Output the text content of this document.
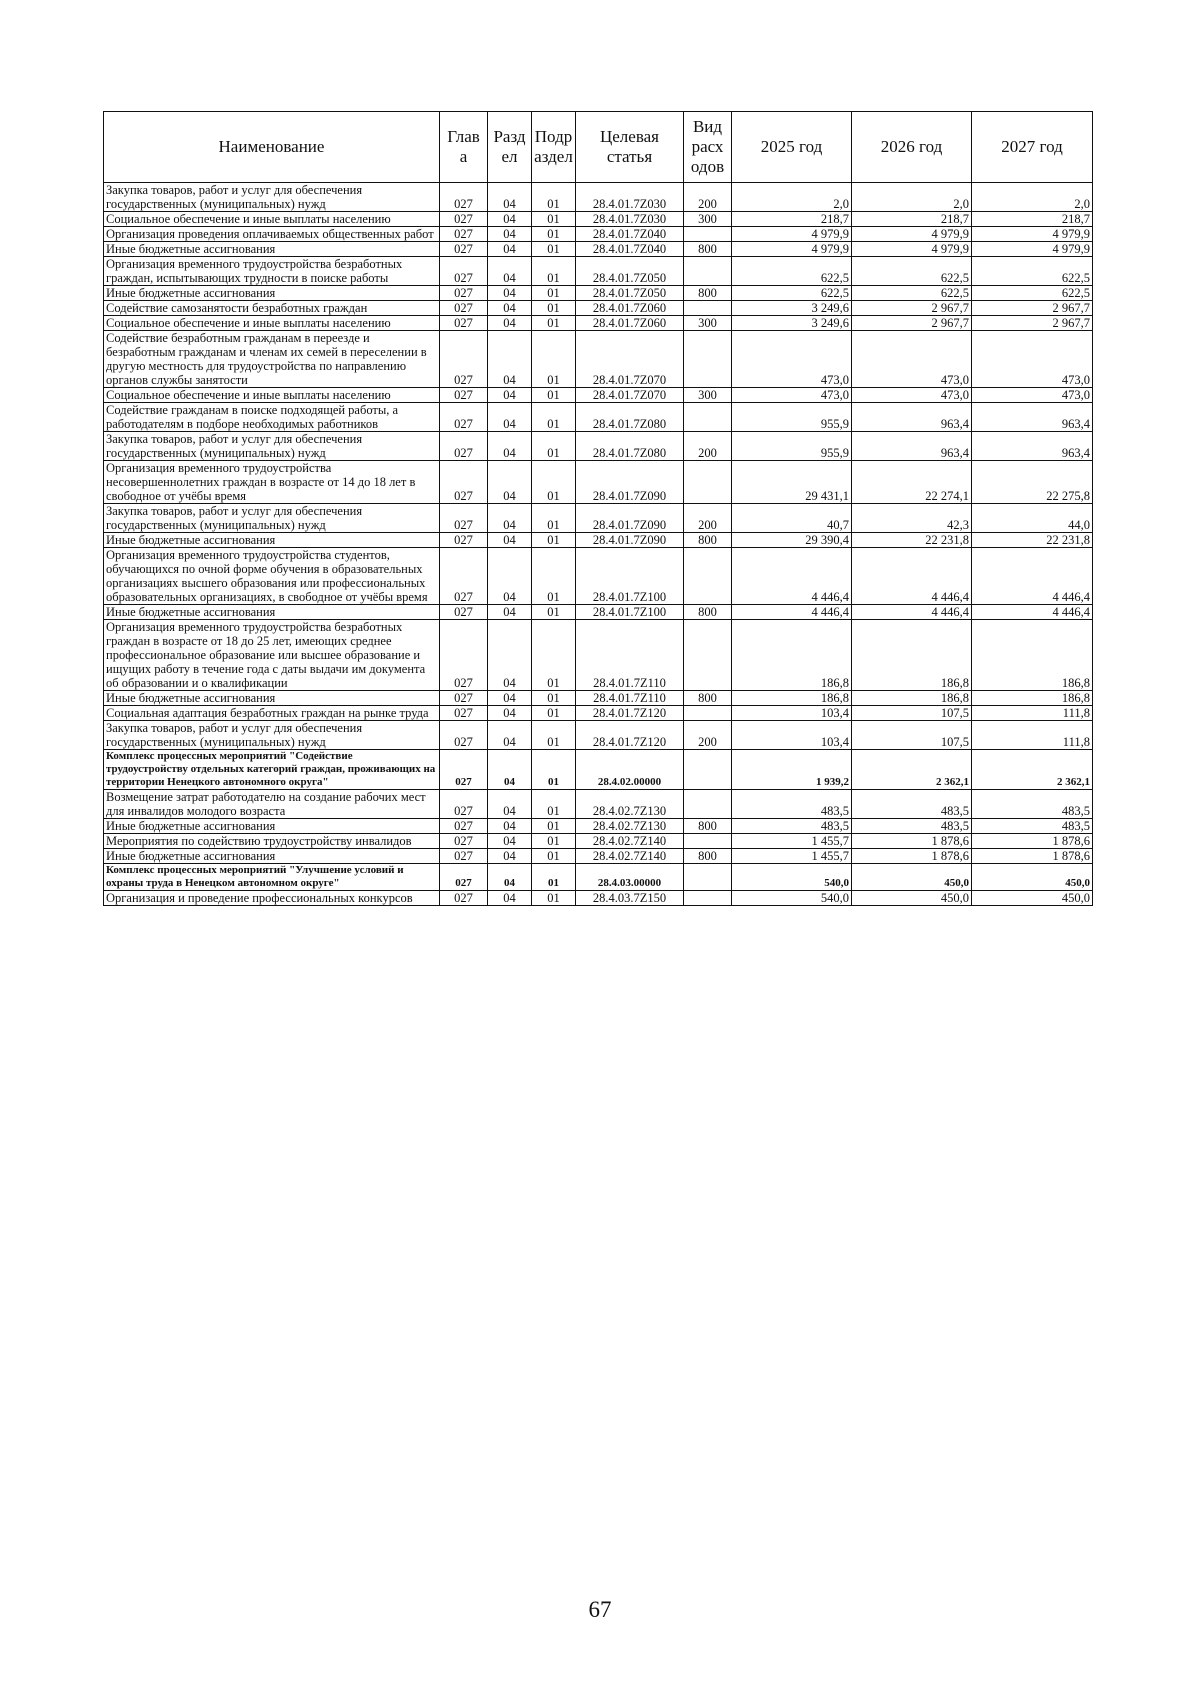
Наименование	Глав а	Разд ел	Подр аздел	Целевая статья	Вид расх одов	2025 год	2026 год	2027 год
Закупка товаров, работ и услуг для обеспечения государственных (муниципальных) нужд	027	04	01	28.4.01.7Z030	200	2,0	2,0	2,0
Социальное обеспечение и иные выплаты населению	027	04	01	28.4.01.7Z030	300	218,7	218,7	218,7
Организация проведения оплачиваемых общественных работ	027	04	01	28.4.01.7Z040		4 979,9	4 979,9	4 979,9
Иные бюджетные ассигнования	027	04	01	28.4.01.7Z040	800	4 979,9	4 979,9	4 979,9
Организация временного трудоустройства безработных граждан, испытывающих трудности в поиске работы	027	04	01	28.4.01.7Z050		622,5	622,5	622,5
Иные бюджетные ассигнования	027	04	01	28.4.01.7Z050	800	622,5	622,5	622,5
Содействие самозанятости безработных граждан	027	04	01	28.4.01.7Z060		3 249,6	2 967,7	2 967,7
Социальное обеспечение и иные выплаты населению	027	04	01	28.4.01.7Z060	300	3 249,6	2 967,7	2 967,7
Содействие безработным гражданам в переезде и безработным гражданам и членам их семей в переселении в другую местность для трудоустройства по направлению органов службы занятости	027	04	01	28.4.01.7Z070		473,0	473,0	473,0
Социальное обеспечение и иные выплаты населению	027	04	01	28.4.01.7Z070	300	473,0	473,0	473,0
Содействие гражданам в поиске подходящей работы, а работодателям в подборе необходимых работников	027	04	01	28.4.01.7Z080		955,9	963,4	963,4
Закупка товаров, работ и услуг для обеспечения государственных (муниципальных) нужд	027	04	01	28.4.01.7Z080	200	955,9	963,4	963,4
Организация временного трудоустройства несовершеннолетних граждан в возрасте от 14 до 18 лет в свободное от учёбы время	027	04	01	28.4.01.7Z090		29 431,1	22 274,1	22 275,8
Закупка товаров, работ и услуг для обеспечения государственных (муниципальных) нужд	027	04	01	28.4.01.7Z090	200	40,7	42,3	44,0
Иные бюджетные ассигнования	027	04	01	28.4.01.7Z090	800	29 390,4	22 231,8	22 231,8
Организация временного трудоустройства студентов, обучающихся по очной форме обучения в образовательных организациях высшего образования или профессиональных образовательных организациях, в свободное от учёбы время	027	04	01	28.4.01.7Z100		4 446,4	4 446,4	4 446,4
Иные бюджетные ассигнования	027	04	01	28.4.01.7Z100	800	4 446,4	4 446,4	4 446,4
Организация временного трудоустройства безработных граждан в возрасте от 18 до 25 лет, имеющих среднее профессиональное образование или высшее образование и ищущих работу в течение года с даты выдачи им документа об образовании и о квалификации	027	04	01	28.4.01.7Z110		186,8	186,8	186,8
Иные бюджетные ассигнования	027	04	01	28.4.01.7Z110	800	186,8	186,8	186,8
Социальная адаптация безработных граждан на рынке труда	027	04	01	28.4.01.7Z120		103,4	107,5	111,8
Закупка товаров, работ и услуг для обеспечения государственных (муниципальных) нужд	027	04	01	28.4.01.7Z120	200	103,4	107,5	111,8
Комплекс процессных мероприятий "Содействие трудоустройству отдельных категорий граждан, проживающих на территории Ненецкого автономного округа"	027	04	01	28.4.02.00000		1 939,2	2 362,1	2 362,1
Возмещение затрат работодателю на создание рабочих мест для инвалидов молодого возраста	027	04	01	28.4.02.7Z130		483,5	483,5	483,5
Иные бюджетные ассигнования	027	04	01	28.4.02.7Z130	800	483,5	483,5	483,5
Мероприятия по содействию трудоустройству инвалидов	027	04	01	28.4.02.7Z140		1 455,7	1 878,6	1 878,6
Иные бюджетные ассигнования	027	04	01	28.4.02.7Z140	800	1 455,7	1 878,6	1 878,6
Комплекс процессных мероприятий "Улучшение условий и охраны труда в Ненецком автономном округе"	027	04	01	28.4.03.00000		540,0	450,0	450,0
Организация и проведение профессиональных конкурсов	027	04	01	28.4.03.7Z150		540,0	450,0	450,0
67
